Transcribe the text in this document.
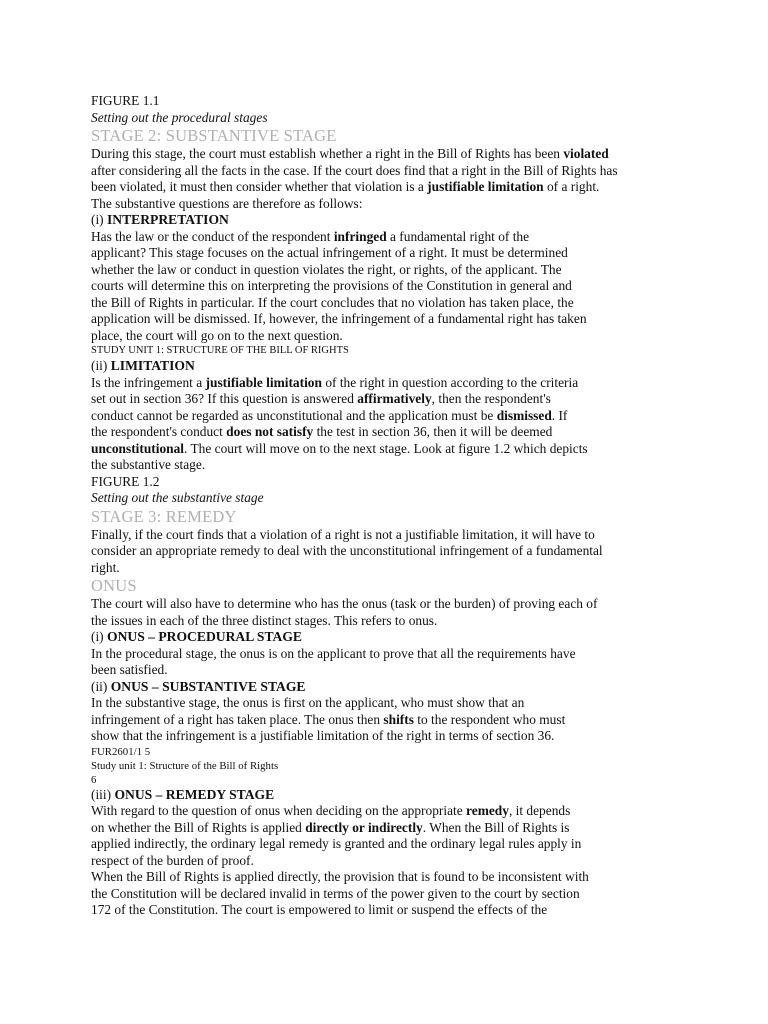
FIGURE 1.1

Setting out the procedural stages

STAGE 2: SUBSTANTIVE STAGE

During this stage, the court must establish whether a right in the Bill of Rights has been violated

after considering all the facts in the case. If the court does find that a right in the Bill of Rights has

been violated, it must then consider whether that violation is a justifiable limitation of a right.

The substantive questions are therefore as follows:

(i) INTERPRETATION

Has the law or the conduct of the respondent infringed a fundamental right of the

applicant? This stage focuses on the actual infringement of a right. It must be determined

whether the law or conduct in question violates the right, or rights, of the applicant. The

courts will determine this on interpreting the provisions of the Constitution in general and

the Bill of Rights in particular. If the court concludes that no violation has taken place, the

application will be dismissed. If, however, the infringement of a fundamental right has taken

place, the court will go on to the next question.

STUDY UNIT 1: STRUCTURE OF THE BILL OF RIGHTS

(ii) LIMITATION

Is the infringement a justifiable limitation of the right in question according to the criteria

set out in section 36? If this question is answered affirmatively, then the respondent's

conduct cannot be regarded as unconstitutional and the application must be dismissed. If

the respondent's conduct does not satisfy the test in section 36, then it will be deemed

unconstitutional. The court will move on to the next stage. Look at figure 1.2 which depicts

the substantive stage.

FIGURE 1.2

Setting out the substantive stage

STAGE 3: REMEDY

Finally, if the court finds that a violation of a right is not a justifiable limitation, it will have to

consider an appropriate remedy to deal with the unconstitutional infringement of a fundamental

right.

ONUS

The court will also have to determine who has the onus (task or the burden) of proving each of

the issues in each of the three distinct stages. This refers to onus.

(i) ONUS – PROCEDURAL STAGE

In the procedural stage, the onus is on the applicant to prove that all the requirements have

been satisfied.

(ii) ONUS – SUBSTANTIVE STAGE

In the substantive stage, the onus is first on the applicant, who must show that an

infringement of a right has taken place. The onus then shifts to the respondent who must

show that the infringement is a justifiable limitation of the right in terms of section 36.

FUR2601/1 5

Study unit 1: Structure of the Bill of Rights

6

(iii) ONUS – REMEDY STAGE

With regard to the question of onus when deciding on the appropriate remedy, it depends

on whether the Bill of Rights is applied directly or indirectly. When the Bill of Rights is

applied indirectly, the ordinary legal remedy is granted and the ordinary legal rules apply in

respect of the burden of proof.

When the Bill of Rights is applied directly, the provision that is found to be inconsistent with

the Constitution will be declared invalid in terms of the power given to the court by section

172 of the Constitution. The court is empowered to limit or suspend the effects of the
